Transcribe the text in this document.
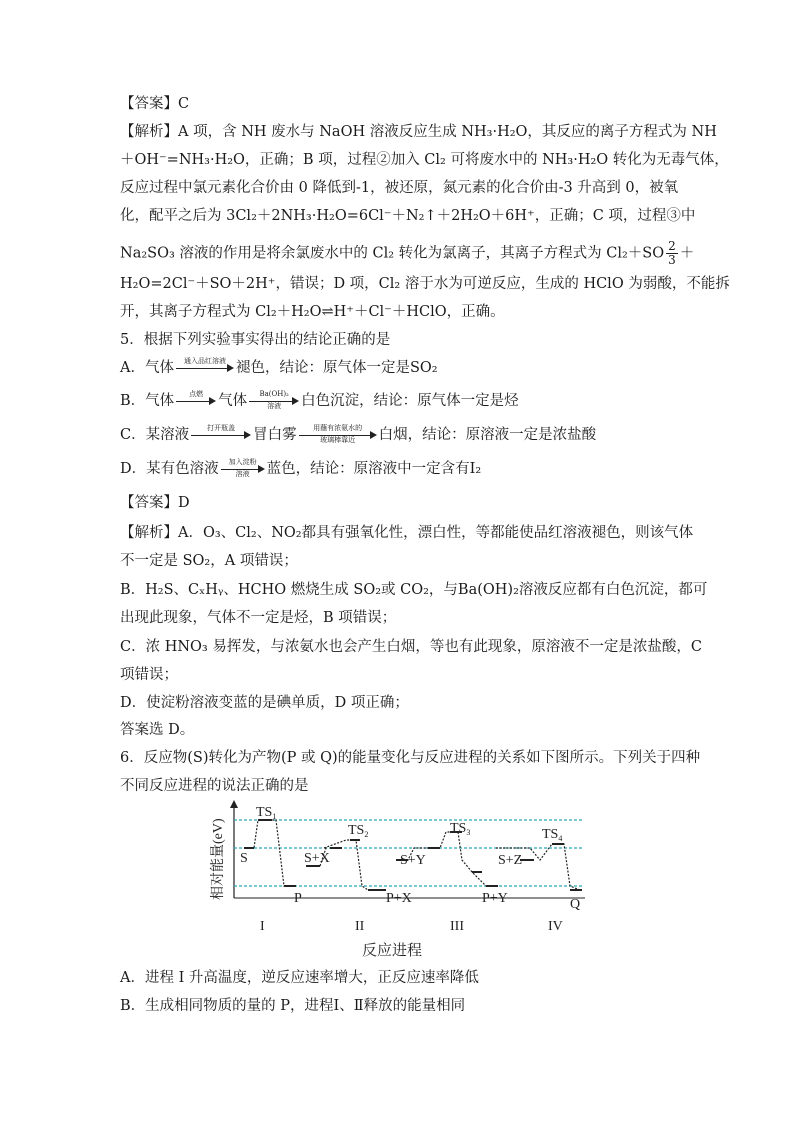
【答案】C
【解析】A 项，含 NH 废水与 NaOH 溶液反应生成 NH₃·H₂O，其反应的离子方程式为 NH
＋OH⁻=NH₃·H₂O，正确；B 项，过程②加入 Cl₂ 可将废水中的 NH₃·H₂O 转化为无毒气体，
反应过程中氯元素化合价由 0 降低到-1，被还原，氮元素的化合价由-3 升高到 0，被氧
化，配平之后为 3Cl₂＋2NH₃·H₂O=6Cl⁻＋N₂↑＋2H₂O＋6H⁺，正确；C 项，过程③中
Na₂SO₃ 溶液的作用是将余氯废水中的 Cl₂ 转化为氯离子，其离子方程式为 $Cl_2+SO \frac{2}{3}$ ＋
H₂O=2Cl⁻＋SO＋2H⁺，错误；D 项，Cl₂ 溶于水为可逆反应，生成的 HClO 为弱酸，不能拆
开，其离子方程式为 Cl₂＋H₂O⇌H⁺＋Cl⁻＋HClO，正确。
5．根据下列实验事实得出的结论正确的是
A．气体	通入品红溶液 褪色，结论：原气体一定是SO₂
B．气体	点燃	气体	Ba(OH)₂
溶液	白色沉淀，结论：原气体一定是烃
C．某溶液	打开瓶盖	冒白雾	用蘸有浓氨水的
玻璃棒靠近	白烟，结论：原溶液一定是浓盐酸
D．某有色溶液	加入淀粉
溶液	蓝色，结论：原溶液中一定含有I₂
【答案】D
【解析】A．O₃、Cl₂、NO₂都具有强氧化性，漂白性，等都能使品红溶液褪色，则该气体
不一定是 SO₂，A 项错误；
B．H₂S、CₓHᵧ、HCHO 燃烧生成 SO₂或 CO₂，与Ba(OH)₂溶液反应都有白色沉淀，都可
出现此现象，气体不一定是烃，B 项错误；
C．浓 HNO₃ 易挥发，与浓氨水也会产生白烟，等也有此现象，原溶液不一定是浓盐酸，C
项错误；
D．使淀粉溶液变蓝的是碘单质，D 项正确；
答案选 D。
6．反应物(S)转化为产物(P 或 Q)的能量变化与反应进程的关系如下图所示。下列关于四种
不同反应进程的说法正确的是
相对能量(eV)
$TS_1$
$TS_2$	$TS_3$	$TS_4$
S
P
S+X
P+X
S+Y
P+Y
S+Z
Q
I	II	III	IV
反应进程
A．进程 I 升高温度，逆反应速率增大，正反应速率降低
B．生成相同物质的量的 P，进程Ⅰ、Ⅱ释放的能量相同
